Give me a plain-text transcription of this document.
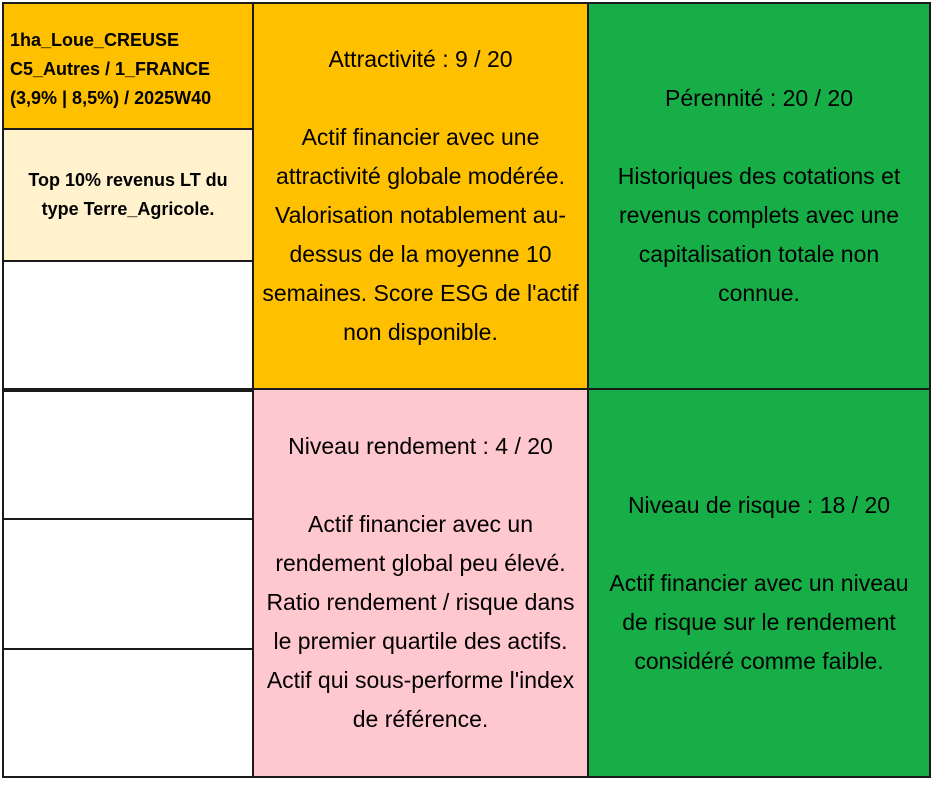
1ha_Loue_CREUSE
C5_Autres / 1_FRANCE
(3,9% | 8,5%) / 2025W40
Top 10% revenus LT du type Terre_Agricole.
Attractivité : 9 / 20
Actif financier avec une attractivité globale modérée. Valorisation notablement au-dessus de la moyenne 10 semaines. Score ESG de l'actif non disponible.
Pérennité : 20 / 20
Historiques des cotations et revenus complets avec une capitalisation totale non connue.
Niveau rendement : 4 / 20
Actif financier avec un rendement global peu élevé. Ratio rendement / risque dans le premier quartile des actifs. Actif qui sous-performe l'index de référence.
Niveau de risque : 18 / 20
Actif financier avec un niveau de risque sur le rendement considéré comme faible.
